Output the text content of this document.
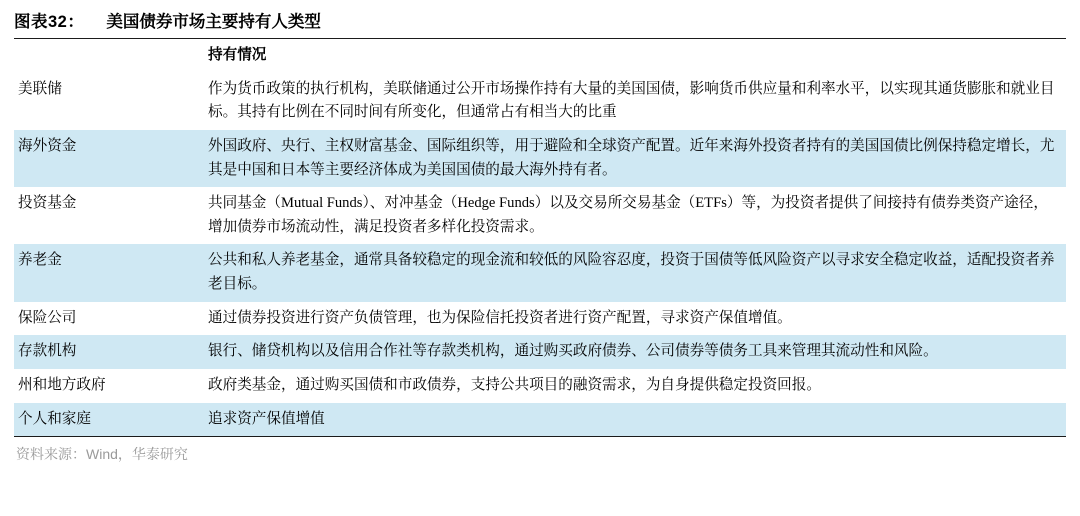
图表32： 美国债券市场主要持有人类型
	持有情况
美联储	作为货币政策的执行机构，美联储通过公开市场操作持有大量的美国国债，影响货币供应量和利率水平，以实现其通货膨胀和就业目标。其持有比例在不同时间有所变化，但通常占有相当大的比重
海外资金	外国政府、央行、主权财富基金、国际组织等，用于避险和全球资产配置。近年来海外投资者持有的美国国债比例保持稳定增长，尤其是中国和日本等主要经济体成为美国国债的最大海外持有者。
投资基金	共同基金（Mutual Funds）、对冲基金（Hedge Funds）以及交易所交易基金（ETFs）等，为投资者提供了间接持有债券类资产途径，增加债券市场流动性，满足投资者多样化投资需求。
养老金	公共和私人养老基金，通常具备较稳定的现金流和较低的风险容忍度，投资于国债等低风险资产以寻求安全稳定收益，适配投资者养老目标。
保险公司	通过债券投资进行资产负债管理，也为保险信托投资者进行资产配置，寻求资产保值增值。
存款机构	银行、储贷机构以及信用合作社等存款类机构，通过购买政府债券、公司债券等债务工具来管理其流动性和风险。
州和地方政府	政府类基金，通过购买国债和市政债券，支持公共项目的融资需求，为自身提供稳定投资回报。
个人和家庭	追求资产保值增值
资料来源：Wind，华泰研究
